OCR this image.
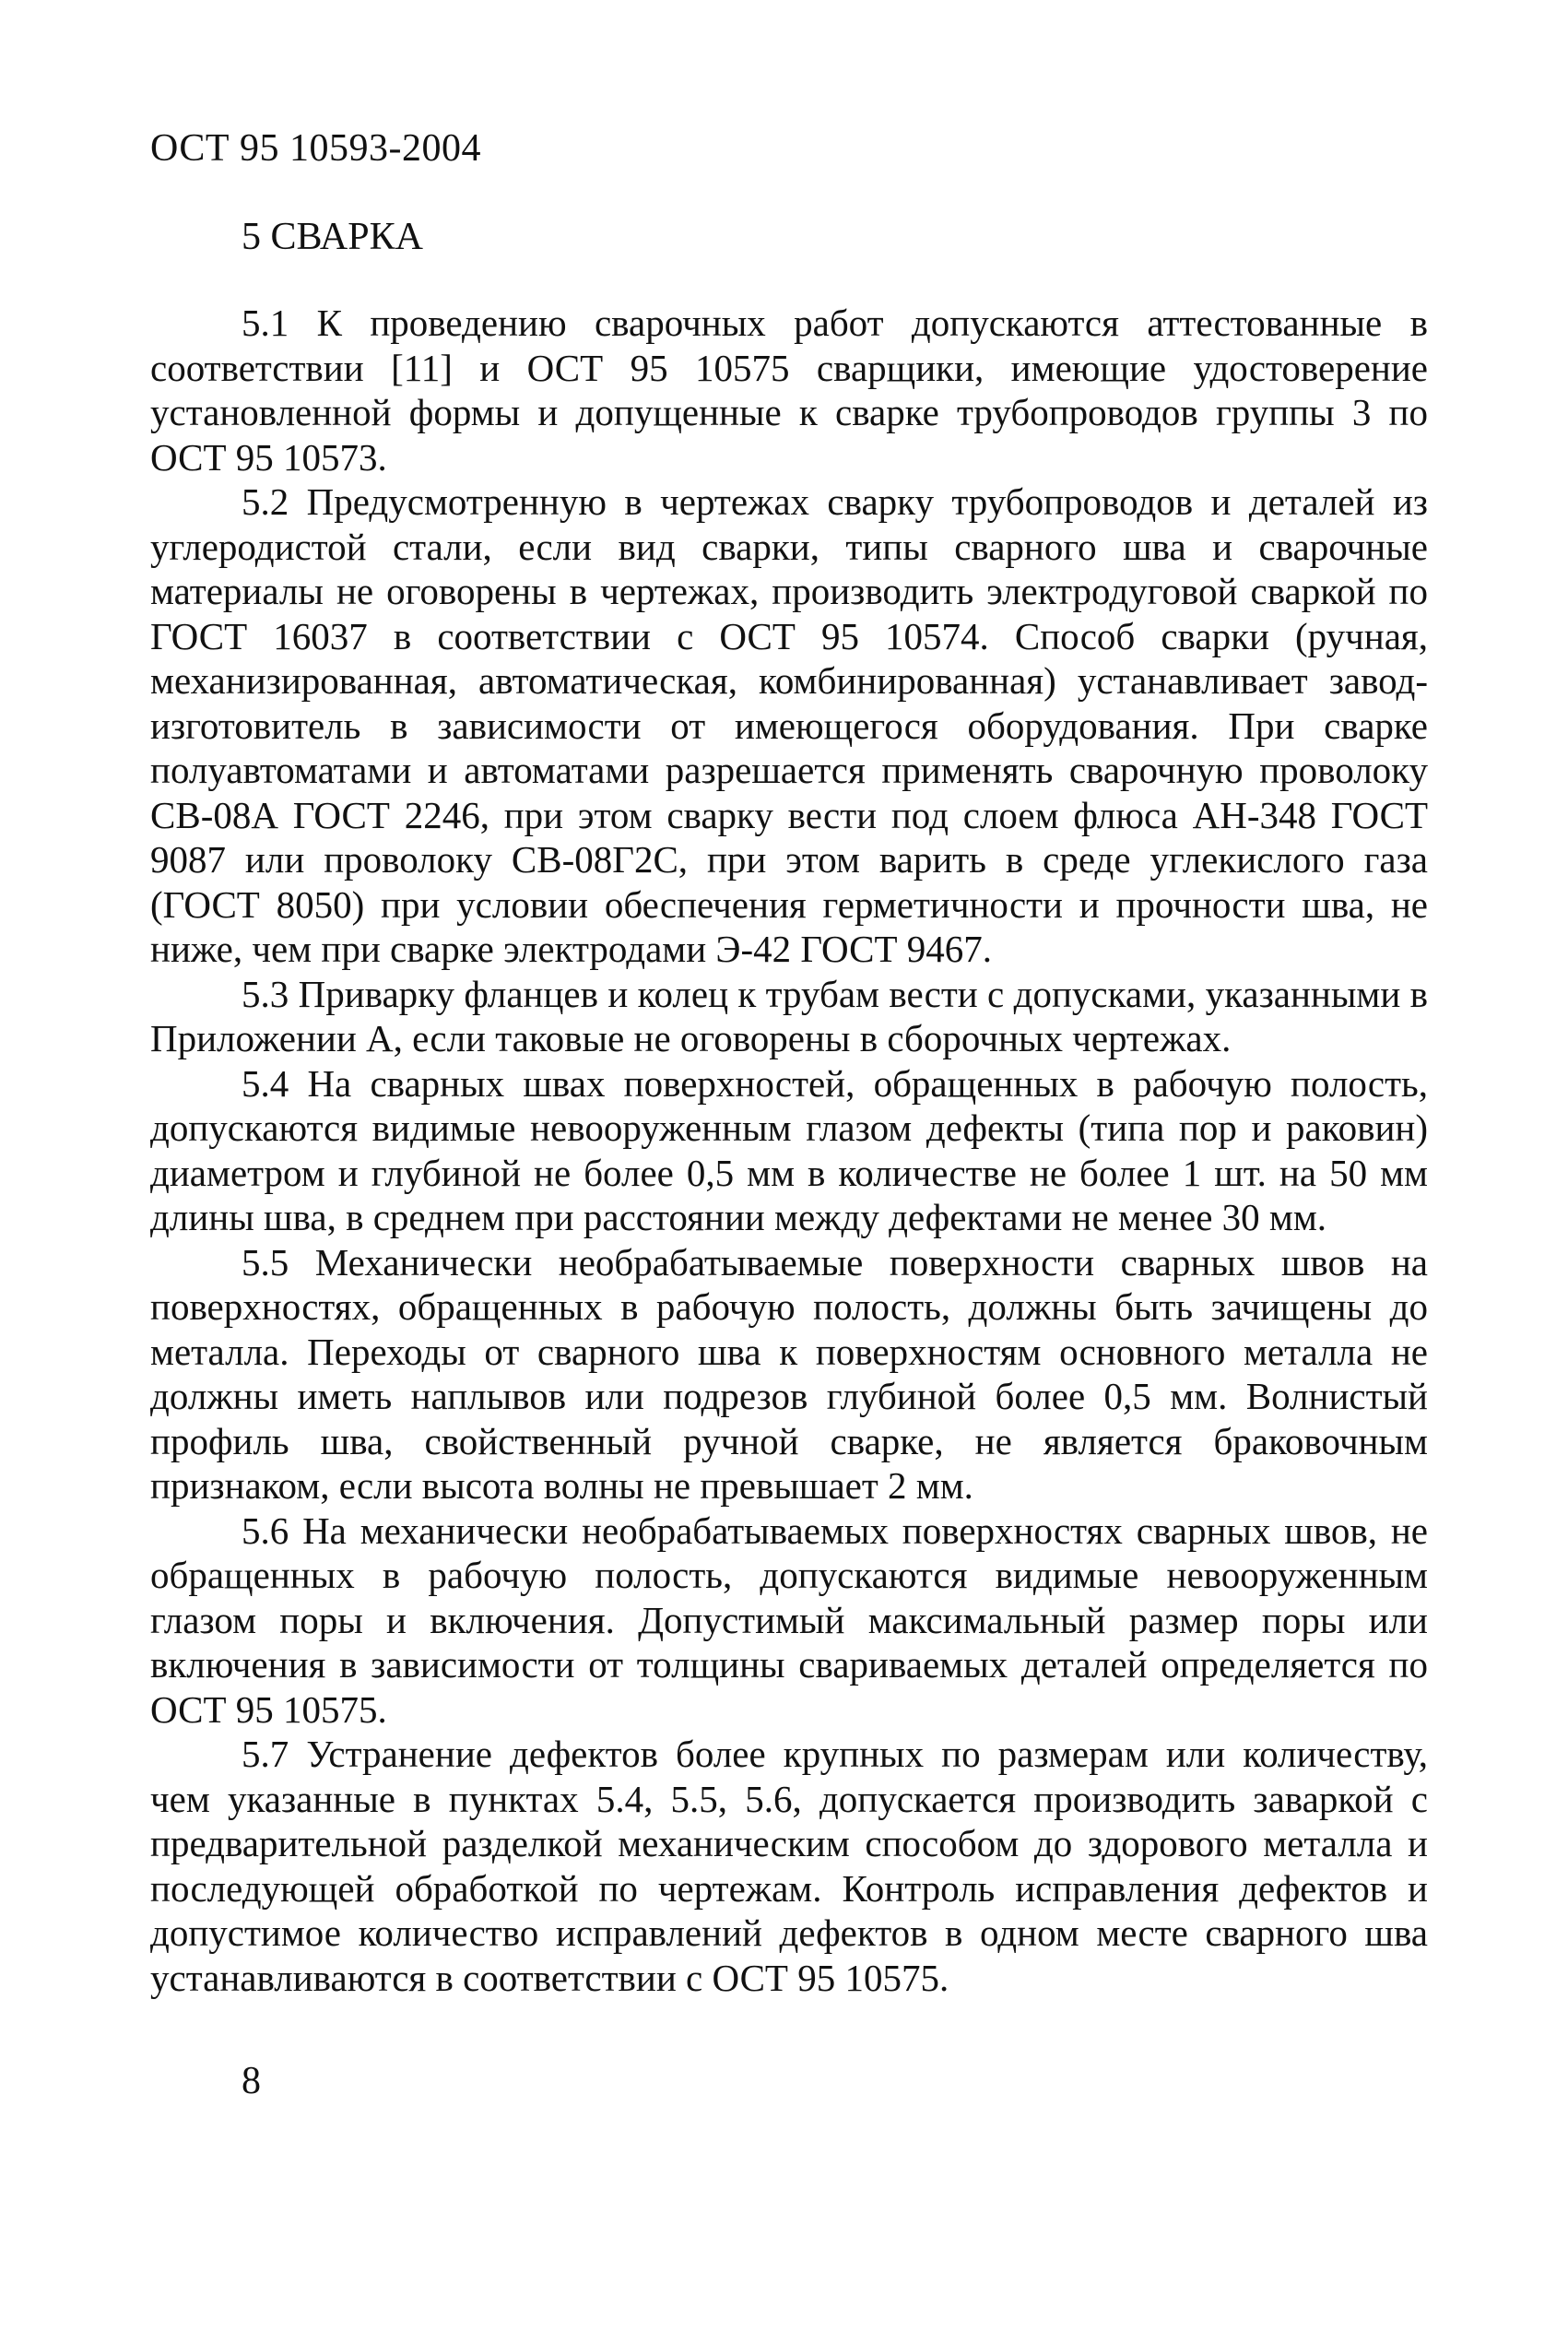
ОСТ 95 10593-2004
5 СВАРКА

5.1 К проведению сварочных работ допускаются аттестованные в соответствии [11] и ОСТ 95 10575 сварщики, имеющие удостоверение установленной формы и допущенные к сварке трубопроводов группы 3 по ОСТ 95 10573.

5.2 Предусмотренную в чертежах сварку трубопроводов и деталей из углеродистой стали, если вид сварки, типы сварного шва и сварочные материалы не оговорены в чертежах, производить электродуговой сваркой по ГОСТ 16037 в соответствии с ОСТ 95 10574. Способ сварки (ручная, механизированная, автоматическая, комбинированная) устанавливает завод-изготовитель в зависимости от имеющегося оборудования. При сварке полуавтоматами и автоматами разрешается применять сварочную проволоку СВ-08А ГОСТ 2246, при этом сварку вести под слоем флюса АН-348 ГОСТ 9087 или проволоку СВ-08Г2С, при этом варить в среде углекислого газа (ГОСТ 8050) при условии обеспечения герметичности и прочности шва, не ниже, чем при сварке электродами Э-42 ГОСТ 9467.

5.3 Приварку фланцев и колец к трубам вести с допусками, указанными в Приложении А, если таковые не оговорены в сборочных чертежах.

5.4 На сварных швах поверхностей, обращенных в рабочую полость, допускаются видимые невооруженным глазом дефекты (типа пор и раковин) диаметром и глубиной не более 0,5 мм в количестве не более 1 шт. на 50 мм длины шва, в среднем при расстоянии между дефектами не менее 30 мм.

5.5 Механически необрабатываемые поверхности сварных швов на поверхностях, обращенных в рабочую полость, должны быть зачищены до металла. Переходы от сварного шва к поверхностям основного металла не должны иметь наплывов или подрезов глубиной более 0,5 мм. Волнистый профиль шва, свойственный ручной сварке, не является браковочным признаком, если высота волны не превышает 2 мм.

5.6 На механически необрабатываемых поверхностях сварных швов, не обращенных в рабочую полость, допускаются видимые невооруженным глазом поры и включения. Допустимый максимальный размер поры или включения в зависимости от толщины свариваемых деталей определяется по ОСТ 95 10575.

5.7 Устранение дефектов более крупных по размерам или количеству, чем указанные в пунктах 5.4, 5.5, 5.6, допускается производить заваркой с предварительной разделкой механическим способом до здорового металла и последующей обработкой по чертежам. Контроль исправления дефектов и допустимое количество исправлений дефектов в одном месте сварного шва устанавливаются в соответствии с ОСТ 95 10575.

8
